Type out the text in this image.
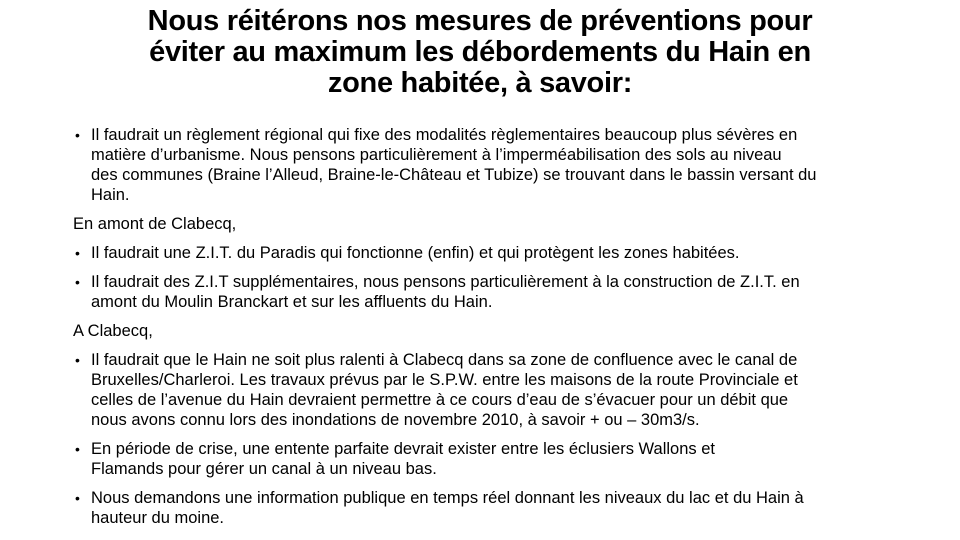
Nous réitérons nos mesures de préventions pour
éviter au maximum les débordements du Hain en
zone habitée, à savoir:
• Il faudrait un règlement régional qui fixe des modalités règlementaires beaucoup plus sévères en
matière d’urbanisme. Nous pensons particulièrement à l’imperméabilisation des sols au niveau
des communes (Braine l’Alleud, Braine-le-Château et Tubize) se trouvant dans le bassin versant du
Hain.
En amont de Clabecq,
• Il faudrait une Z.I.T. du Paradis qui fonctionne (enfin) et qui protègent les zones habitées.
• Il faudrait des Z.I.T supplémentaires, nous pensons particulièrement à la construction de Z.I.T. en
amont du Moulin Branckart et sur les affluents du Hain.
A Clabecq,
• Il faudrait que le Hain ne soit plus ralenti à Clabecq dans sa zone de confluence avec le canal de
Bruxelles/Charleroi. Les travaux prévus par le S.P.W. entre les maisons de la route Provinciale et
celles de l’avenue du Hain devraient permettre à ce cours d’eau de s’évacuer pour un débit que
nous avons connu lors des inondations de novembre 2010, à savoir + ou – 30m3/s.
• En période de crise, une entente parfaite devrait exister entre les éclusiers Wallons et
Flamands pour gérer un canal à un niveau bas.
• Nous demandons une information publique en temps réel donnant les niveaux du lac et du Hain à
hauteur du moine.
